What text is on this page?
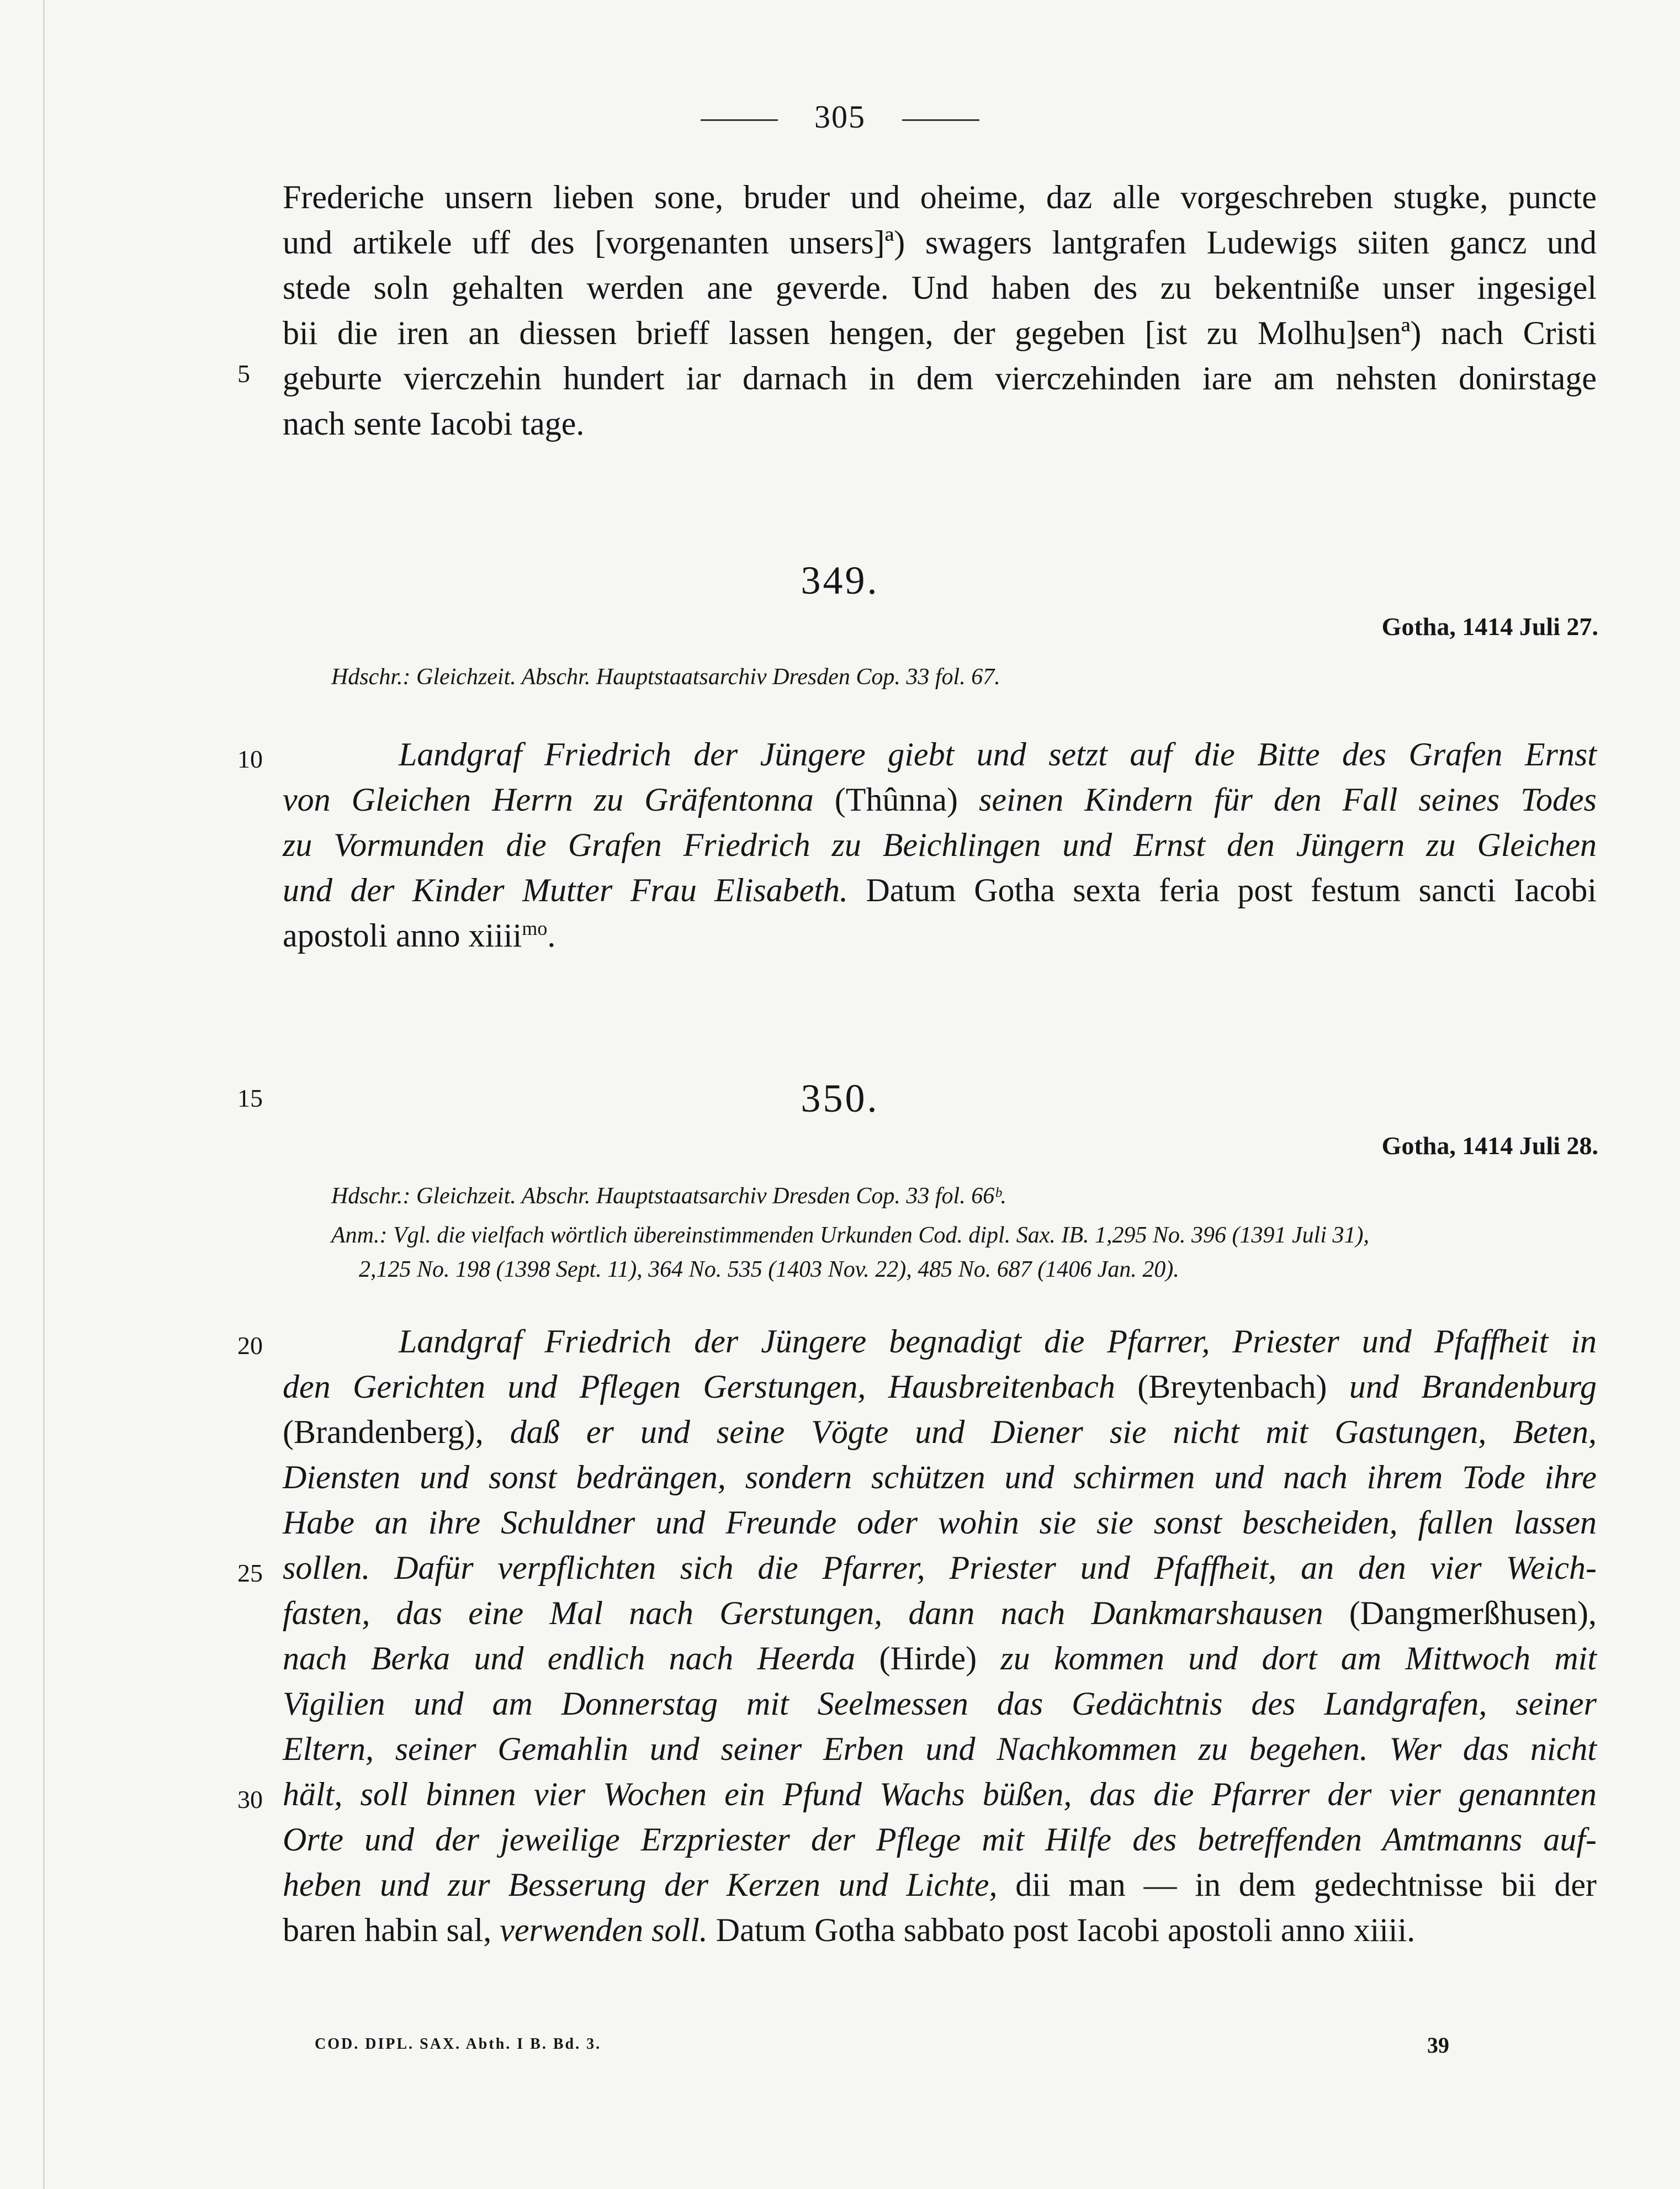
305
Frederiche unsern lieben sone, bruder und oheime, daz alle vorgeschreben stugke, puncte
und artikele uff des [vorgenanten unsers]ª) swagers lantgrafen Ludewigs siiten gancz und
stede soln gehalten werden ane geverde. Und haben des zu bekentniße unser ingesigel
bii die iren an diessen brieff lassen hengen, der gegeben [ist zu Molhu]senª) nach Cristi
geburte vierczehin hundert iar darnach in dem vierczehinden iare am nehsten donirstage
nach sente Iacobi tage.
5
349.
Gotha, 1414 Juli 27.
Hdschr.: Gleichzeit. Abschr. Hauptstaatsarchiv Dresden Cop. 33 fol. 67.
10	Landgraf Friedrich der Jüngere giebt und setzt auf die Bitte des Grafen Ernst
von Gleichen Herrn zu Gräfentonna (Thûnna) seinen Kindern für den Fall seines Todes
zu Vormunden die Grafen Friedrich zu Beichlingen und Ernst den Jüngern zu Gleichen
und der Kinder Mutter Frau Elisabeth. Datum Gotha sexta feria post festum sancti Iacobi
apostoli anno xiiii$^{mo}$.
15	350.
Gotha, 1414 Juli 28.
Hdschr.: Gleichzeit. Abschr. Hauptstaatsarchiv Dresden Cop. 33 fol. 66ᵇ.
Anm.: Vgl. die vielfach wörtlich übereinstimmenden Urkunden Cod. dipl. Sax. IB. 1,295 No. 396 (1391 Juli 31),
2,125 No. 198 (1398 Sept. 11), 364 No. 535 (1403 Nov. 22), 485 No. 687 (1406 Jan. 20).
20
25
30
Landgraf Friedrich der Jüngere begnadigt die Pfarrer, Priester und Pfaffheit in
den Gerichten und Pflegen Gerstungen, Hausbreitenbach (Breytenbach) und Brandenburg
(Brandenberg), daß er und seine Vögte und Diener sie nicht mit Gastungen, Beten,
Diensten und sonst bedrängen, sondern schützen und schirmen und nach ihrem Tode ihre
Habe an ihre Schuldner und Freunde oder wohin sie sie sonst bescheiden, fallen lassen
sollen. Dafür verpflichten sich die Pfarrer, Priester und Pfaffheit, an den vier Weich-
fasten, das eine Mal nach Gerstungen, dann nach Dankmarshausen (Dangmerßhusen),
nach Berka und endlich nach Heerda (Hirde) zu kommen und dort am Mittwoch mit
Vigilien und am Donnerstag mit Seelmessen das Gedächtnis des Landgrafen, seiner
Eltern, seiner Gemahlin und seiner Erben und Nachkommen zu begehen. Wer das nicht
hält, soll binnen vier Wochen ein Pfund Wachs büßen, das die Pfarrer der vier genannten
Orte und der jeweilige Erzpriester der Pflege mit Hilfe des betreffenden Amtmanns auf-
heben und zur Besserung der Kerzen und Lichte, dii man — in dem gedechtnisse bii der
baren habin sal, verwenden soll. Datum Gotha sabbato post Iacobi apostoli anno xiiii.
COD. DIPL. SAX. Abth. I B. Bd. 3.	39
